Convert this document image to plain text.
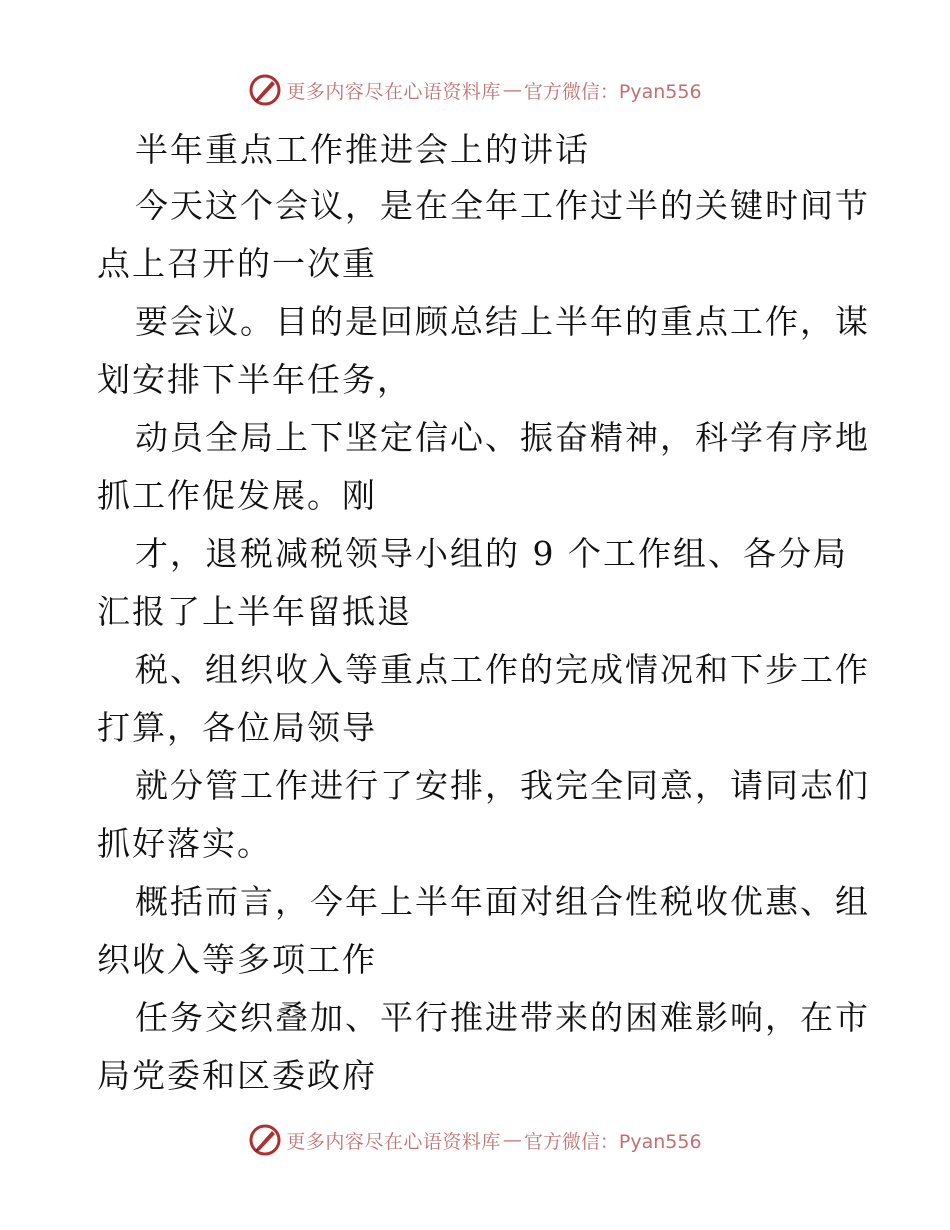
更多内容尽在心语资料库 — 官方微信：Pyan556
半年重点工作推进会上的讲话
今天这个会议，是在全年工作过半的关键时间节
点上召开的一次重
要会议。目的是回顾总结上半年的重点工作，谋
划安排下半年任务，
动员全局上下坚定信心、振奋精神，科学有序地
抓工作促发展。刚
才，退税减税领导小组的 9 个工作组、各分局
汇报了上半年留抵退
税、组织收入等重点工作的完成情况和下步工作
打算，各位局领导
就分管工作进行了安排，我完全同意，请同志们
抓好落实。
概括而言，今年上半年面对组合性税收优惠、组
织收入等多项工作
任务交织叠加、平行推进带来的困难影响，在市
局党委和区委政府
更多内容尽在心语资料库 — 官方微信：Pyan556
